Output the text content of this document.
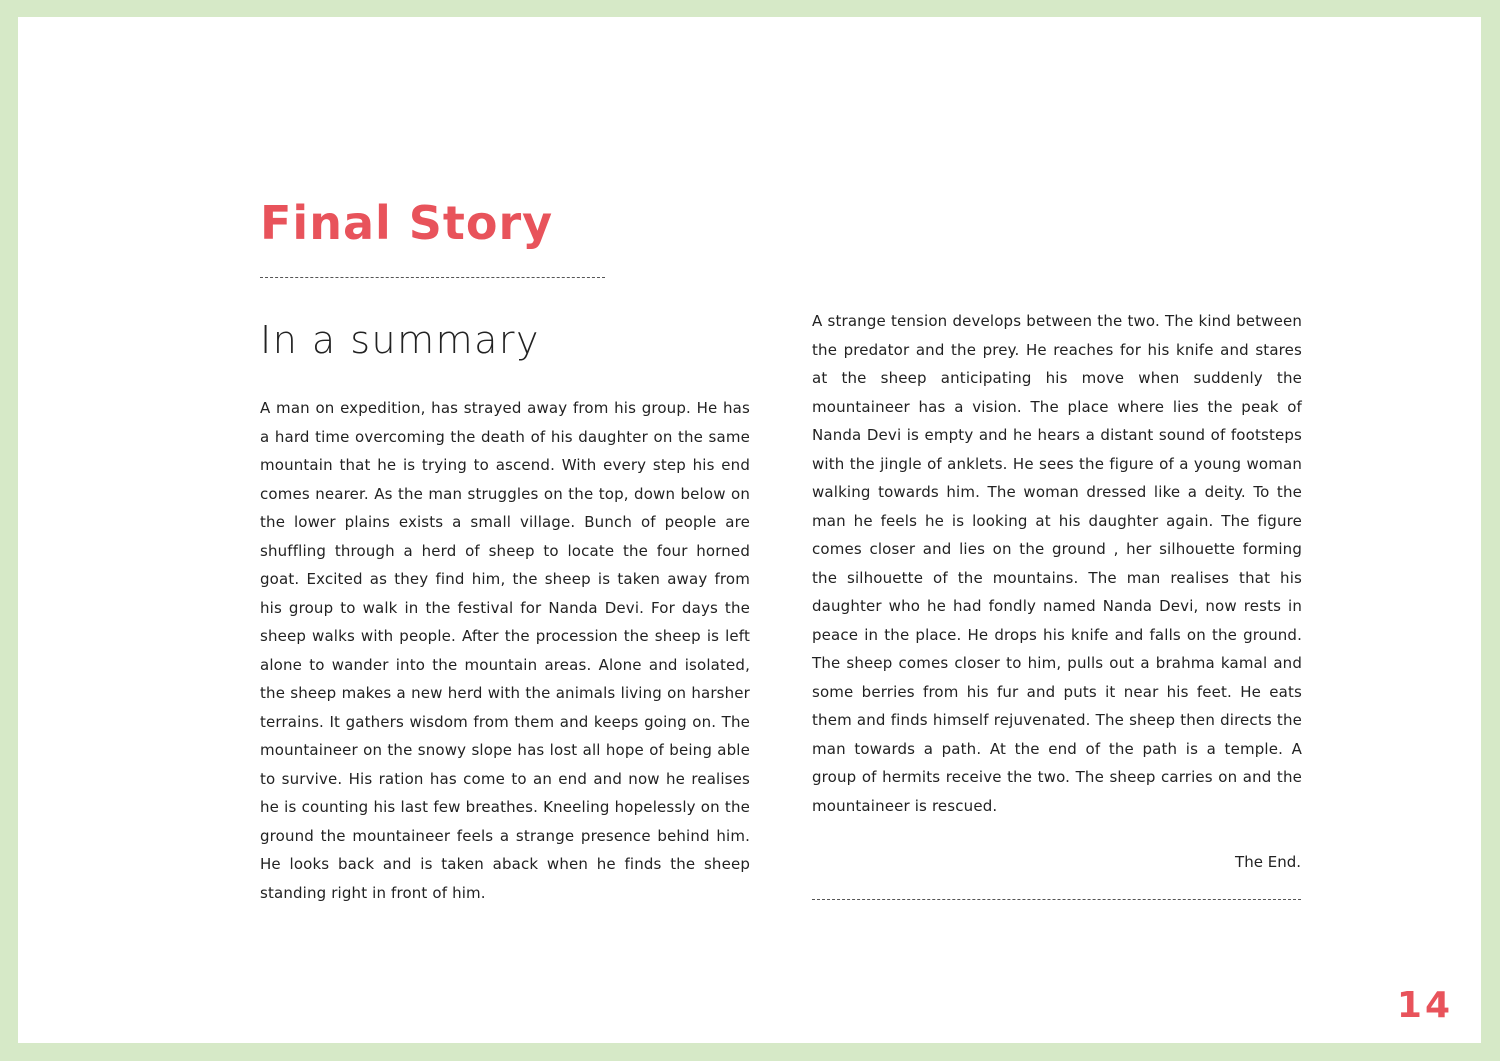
Final Story
In a summary

A man on expedition, has strayed away from his group. He has a hard time overcoming the death of his daughter on the same mountain that he is trying to ascend. With every step his end comes nearer. As the man struggles on the top, down below on the lower plains exists a small village. Bunch of people are shuffling through a herd of sheep to locate the four horned goat. Excited as they find him, the sheep is taken away from his group to walk in the festival for Nanda Devi. For days the sheep walks with people. After the procession the sheep is left alone to wander into the mountain areas. Alone and isolated, the sheep makes a new herd with the animals living on harsher terrains. It gathers wisdom from them and keeps going on. The mountaineer on the snowy slope has lost all hope of being able to survive. His ration has come to an end and now he realises he is counting his last few breathes. Kneeling hopelessly on the ground the mountaineer feels a strange presence behind him. He looks back and is taken aback when he finds the sheep standing right in front of him.

A strange tension develops between the two. The kind between the predator and the prey. He reaches for his knife and stares at the sheep anticipating his move when suddenly the mountaineer has a vision. The place where lies the peak of Nanda Devi is empty and he hears a distant sound of footsteps with the jingle of anklets. He sees the figure of a young woman walking towards him. The woman dressed like a deity. To the man he feels he is looking at his daughter again. The figure comes closer and lies on the ground , her silhouette forming the silhouette of the mountains. The man realises that his daughter who he had fondly named Nanda Devi, now rests in peace in the place. He drops his knife and falls on the ground. The sheep comes closer to him, pulls out a brahma kamal and some berries from his fur and puts it near his feet. He eats them and finds himself rejuvenated. The sheep then directs the man towards a path. At the end of the path is a temple. A group of hermits receive the two. The sheep carries on and the mountaineer is rescued.

The End.

14
